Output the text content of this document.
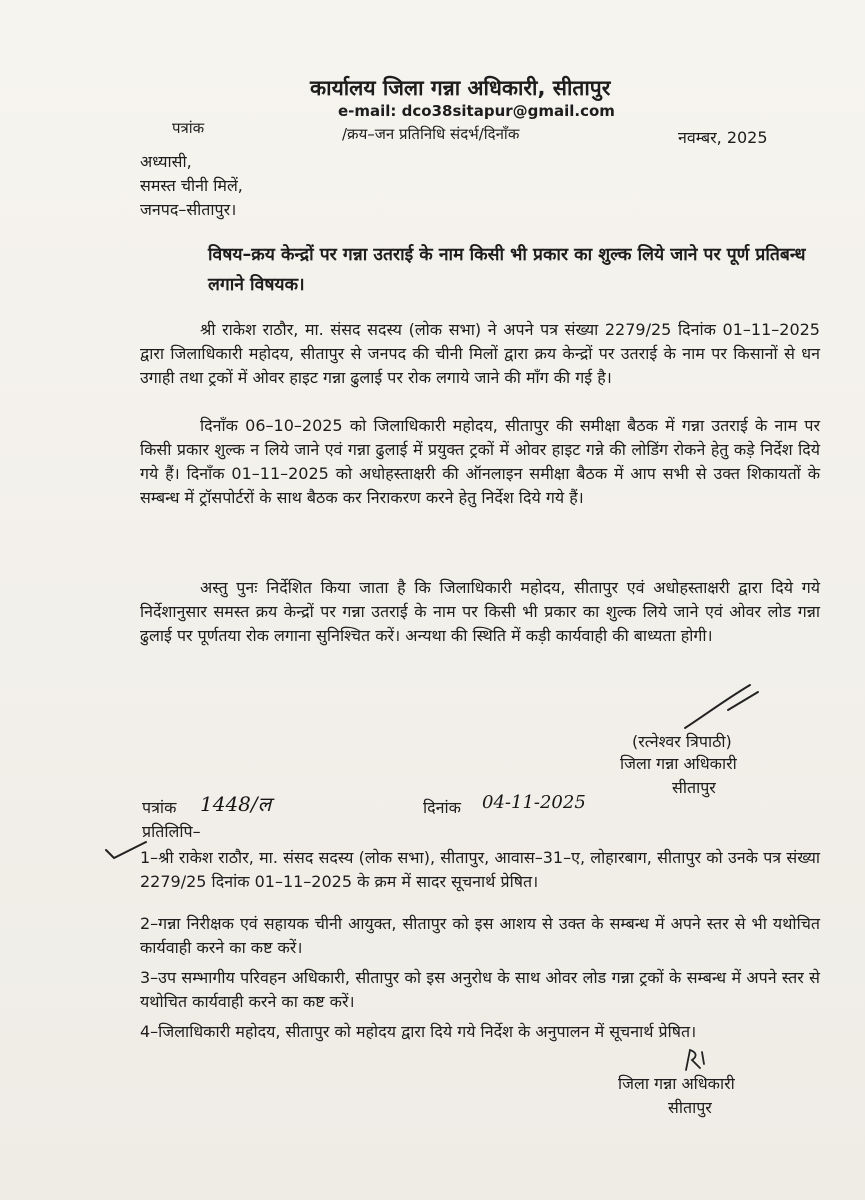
कार्यालय जिला गन्ना अधिकारी, सीतापुर
e-mail: dco38sitapur@gmail.com
पत्रांक	/क्रय–जन प्रतिनिधि संदर्भ/दिनाँक	नवम्बर, 2025
अध्यासी,
समस्त चीनी मिलें,
जनपद–सीतापुर।
विषय–क्रय केन्द्रों पर गन्ना उतराई के नाम किसी भी प्रकार का शुल्क लिये जाने पर पूर्ण प्रतिबन्ध लगाने विषयक।
श्री राकेश राठौर, मा. संसद सदस्य (लोक सभा) ने अपने पत्र संख्या 2279/25 दिनांक 01–11–2025 द्वारा जिलाधिकारी महोदय, सीतापुर से जनपद की चीनी मिलों द्वारा क्रय केन्द्रों पर उतराई के नाम पर किसानों से धन उगाही तथा ट्रकों में ओवर हाइट गन्ना ढुलाई पर रोक लगाये जाने की माँग की गई है।
दिनाँक 06–10–2025 को जिलाधिकारी महोदय, सीतापुर की समीक्षा बैठक में गन्ना उतराई के नाम पर किसी प्रकार शुल्क न लिये जाने एवं गन्ना ढुलाई में प्रयुक्त ट्रकों में ओवर हाइट गन्ने की लोडिंग रोकने हेतु कड़े निर्देश दिये गये हैं। दिनाँक 01–11–2025 को अधोहस्ताक्षरी की ऑनलाइन समीक्षा बैठक में आप सभी से उक्त शिकायतों के सम्बन्ध में ट्रॉसपोर्टरों के साथ बैठक कर निराकरण करने हेतु निर्देश दिये गये हैं।
अस्तु पुनः निर्देशित किया जाता है कि जिलाधिकारी महोदय, सीतापुर एवं अधोहस्ताक्षरी द्वारा दिये गये निर्देशानुसार समस्त क्रय केन्द्रों पर गन्ना उतराई के नाम पर किसी भी प्रकार का शुल्क लिये जाने एवं ओवर लोड गन्ना ढुलाई पर पूर्णतया रोक लगाना सुनिश्चित करें। अन्यथा की स्थिति में कड़ी कार्यवाही की बाध्यता होगी।
(रत्नेश्वर त्रिपाठी)
जिला गन्ना अधिकारी
सीतापुर
पत्रांक 1448/ल	दिनांक 04-11-2025
प्रतिलिपि–
1–श्री राकेश राठौर, मा. संसद सदस्य (लोक सभा), सीतापुर, आवास–31–ए, लोहारबाग, सीतापुर को उनके पत्र संख्या 2279/25 दिनांक 01–11–2025 के क्रम में सादर सूचनार्थ प्रेषित।
2–गन्ना निरीक्षक एवं सहायक चीनी आयुक्त, सीतापुर को इस आशय से उक्त के सम्बन्ध में अपने स्तर से भी यथोचित कार्यवाही करने का कष्ट करें।
3–उप सम्भागीय परिवहन अधिकारी, सीतापुर को इस अनुरोध के साथ ओवर लोड गन्ना ट्रकों के सम्बन्ध में अपने स्तर से यथोचित कार्यवाही करने का कष्ट करें।
4–जिलाधिकारी महोदय, सीतापुर को महोदय द्वारा दिये गये निर्देश के अनुपालन में सूचनार्थ प्रेषित।
जिला गन्ना अधिकारी
सीतापुर
